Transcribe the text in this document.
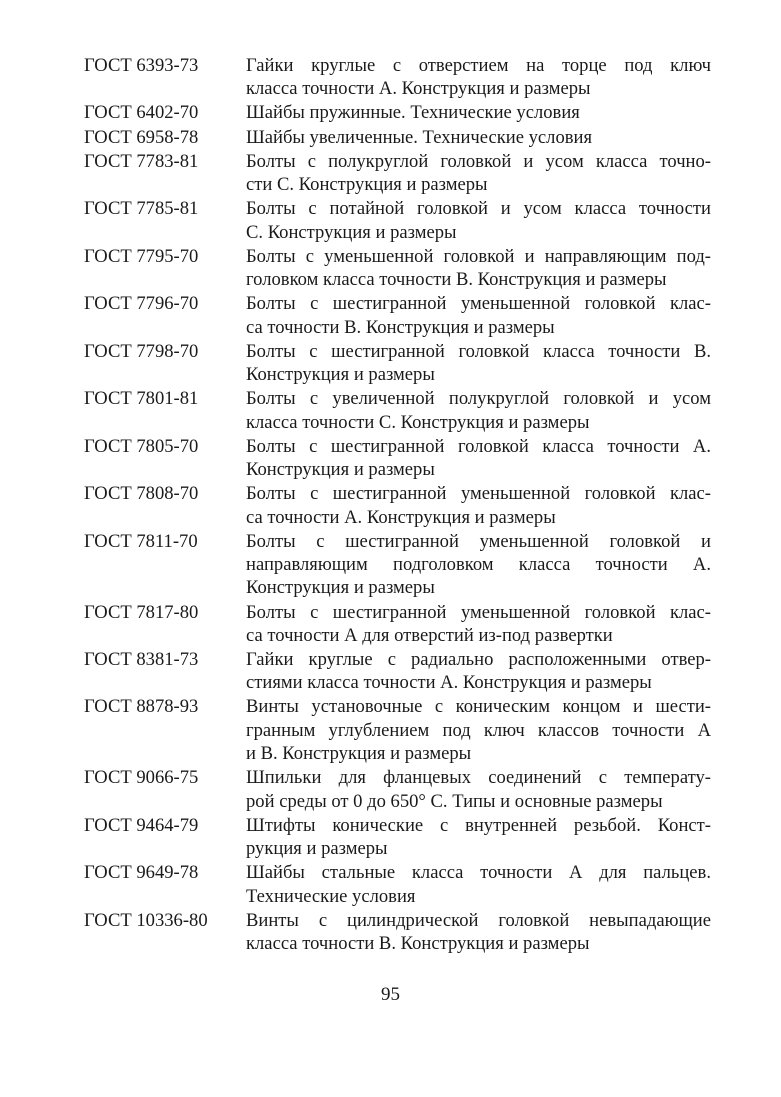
ГОСТ 6393-73	Гайки круглые с отверстием на торце под ключ
класса точности А. Конструкция и размеры
ГОСТ 6402-70	Шайбы пружинные. Технические условия
ГОСТ 6958-78	Шайбы увеличенные. Технические условия
ГОСТ 7783-81	Болты с полукруглой головкой и усом класса точно-
сти С. Конструкция и размеры
ГОСТ 7785-81	Болты с потайной головкой и усом класса точности
С. Конструкция и размеры
ГОСТ 7795-70	Болты с уменьшенной головкой и направляющим под-
головком класса точности В. Конструкция и размеры
ГОСТ 7796-70	Болты с шестигранной уменьшенной головкой клас-
са точности В. Конструкция и размеры
ГОСТ 7798-70	Болты с шестигранной головкой класса точности В.
Конструкция и размеры
ГОСТ 7801-81	Болты с увеличенной полукруглой головкой и усом
класса точности С. Конструкция и размеры
ГОСТ 7805-70	Болты с шестигранной головкой класса точности А.
Конструкция и размеры
ГОСТ 7808-70	Болты с шестигранной уменьшенной головкой клас-
са точности А. Конструкция и размеры
ГОСТ 7811-70	Болты с шестигранной уменьшенной головкой и
направляющим подголовком класса точности А.
Конструкция и размеры
ГОСТ 7817-80	Болты с шестигранной уменьшенной головкой клас-
са точности А для отверстий из-под развертки
ГОСТ 8381-73	Гайки круглые с радиально расположенными отвер-
стиями класса точности А. Конструкция и размеры
ГОСТ 8878-93	Винты установочные с коническим концом и шести-
гранным углублением под ключ классов точности А
и В. Конструкция и размеры
ГОСТ 9066-75	Шпильки для фланцевых соединений с температу-
рой среды от 0 до 650° С. Типы и основные размеры
ГОСТ 9464-79	Штифты конические с внутренней резьбой. Конст-
рукция и размеры
ГОСТ 9649-78	Шайбы стальные класса точности А для пальцев.
Технические условия
ГОСТ 10336-80	Винты с цилиндрической головкой невыпадающие
класса точности В. Конструкция и размеры
95
